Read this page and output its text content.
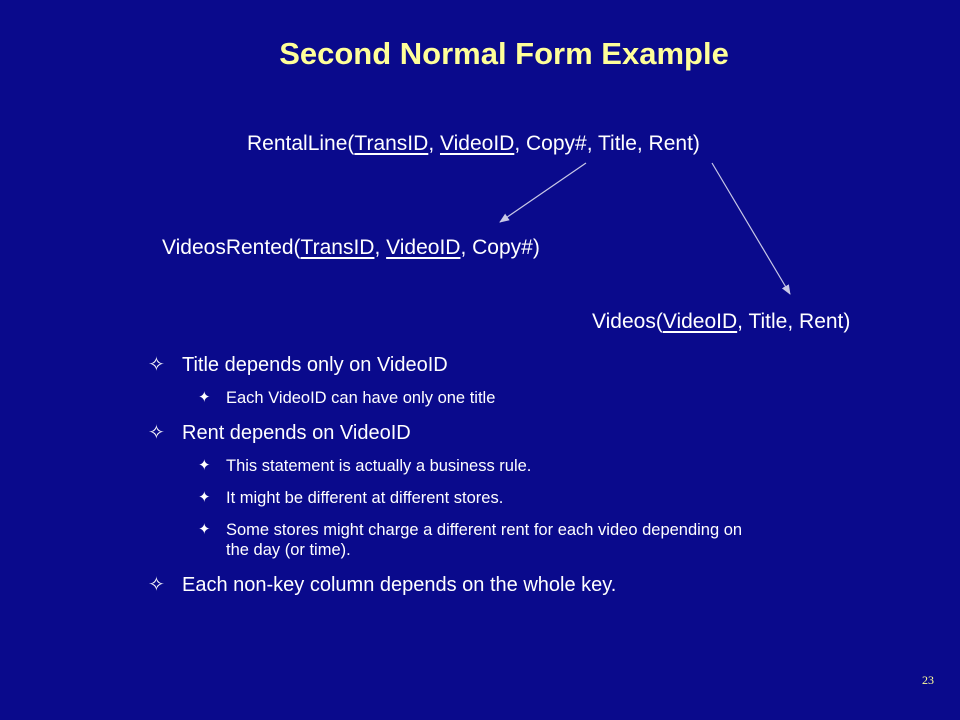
Second Normal Form Example
RentalLine(TransID, VideoID, Copy#, Title, Rent)
VideosRented(TransID, VideoID, Copy#)
Videos(VideoID, Title, Rent)
✧ Title depends only on VideoID
✦ Each VideoID can have only one title
✧ Rent depends on VideoID
✦ This statement is actually a business rule.
✦ It might be different at different stores.
✦ Some stores might charge a different rent for each video depending on the day (or time).
✧ Each non-key column depends on the whole key.
23
